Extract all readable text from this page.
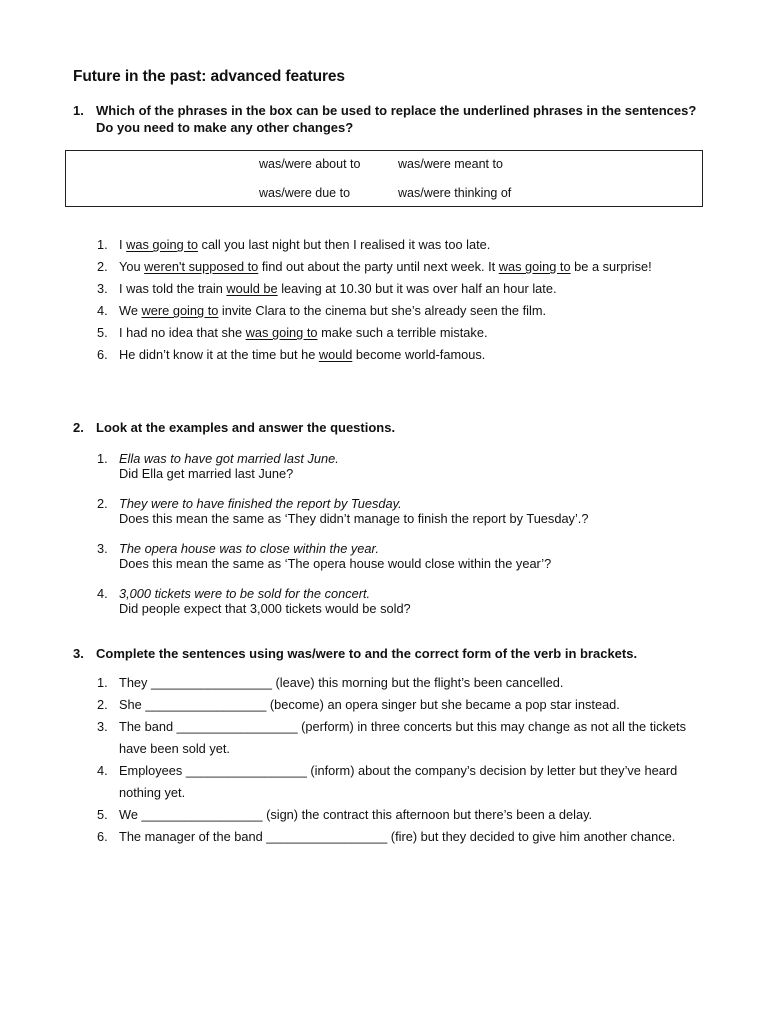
Future in the past: advanced features
1. Which of the phrases in the box can be used to replace the underlined phrases in the sentences? Do you need to make any other changes?
was/were about to	was/were meant to
was/were due to	was/were thinking of
1. I was going to call you last night but then I realised it was too late.
2. You weren't supposed to find out about the party until next week. It was going to be a surprise!
3. I was told the train would be leaving at 10.30 but it was over half an hour late.
4. We were going to invite Clara to the cinema but she’s already seen the film.
5. I had no idea that she was going to make such a terrible mistake.
6. He didn’t know it at the time but he would become world-famous.
2. Look at the examples and answer the questions.
1. Ella was to have got married last June.
Did Ella get married last June?
2. They were to have finished the report by Tuesday.
Does this mean the same as ‘They didn’t manage to finish the report by Tuesday’.?
3. The opera house was to close within the year.
Does this mean the same as ‘The opera house would close within the year’?
4. 3,000 tickets were to be sold for the concert.
Did people expect that 3,000 tickets would be sold?
3. Complete the sentences using was/were to and the correct form of the verb in brackets.
1. They _________________ (leave) this morning but the flight’s been cancelled.
2. She _________________ (become) an opera singer but she became a pop star instead.
3. The band _________________ (perform) in three concerts but this may change as not all the tickets have been sold yet.
4. Employees _________________ (inform) about the company’s decision by letter but they’ve heard nothing yet.
5. We _________________ (sign) the contract this afternoon but there’s been a delay.
6. The manager of the band _________________ (fire) but they decided to give him another chance.
